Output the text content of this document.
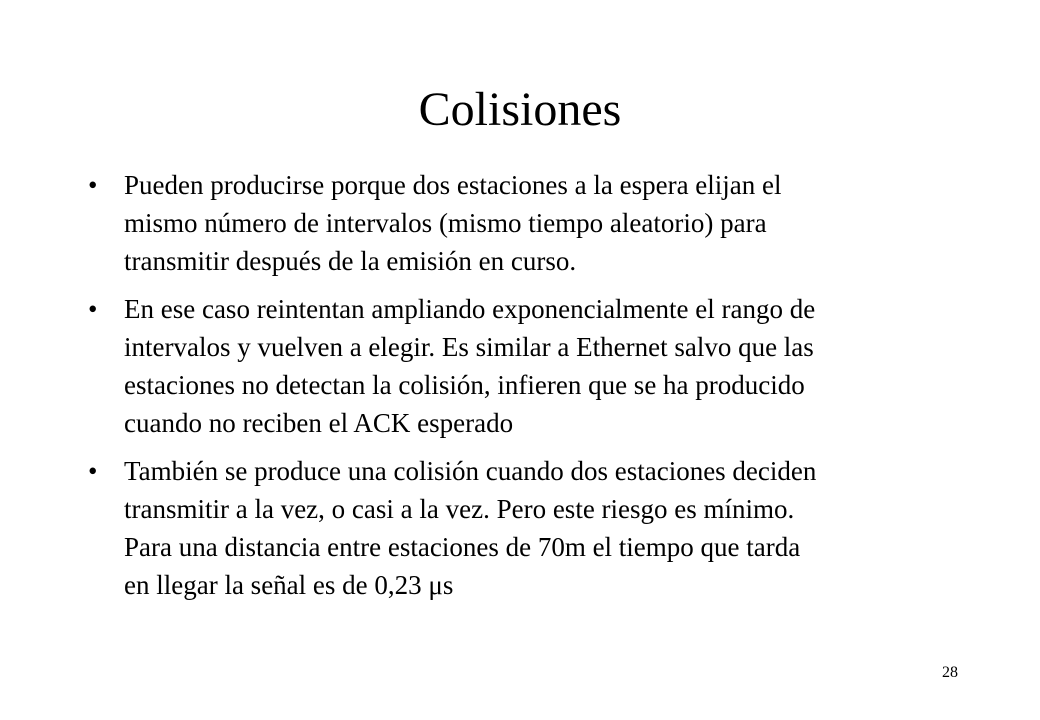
Colisiones
• Pueden producirse porque dos estaciones a la espera elijan el
mismo número de intervalos (mismo tiempo aleatorio) para
transmitir después de la emisión en curso.
• En ese caso reintentan ampliando exponencialmente el rango de
intervalos y vuelven a elegir. Es similar a Ethernet salvo que las
estaciones no detectan la colisión, infieren que se ha producido
cuando no reciben el ACK esperado
• También se produce una colisión cuando dos estaciones deciden
transmitir a la vez, o casi a la vez. Pero este riesgo es mínimo.
Para una distancia entre estaciones de 70m el tiempo que tarda
en llegar la señal es de 0,23 μs
28
